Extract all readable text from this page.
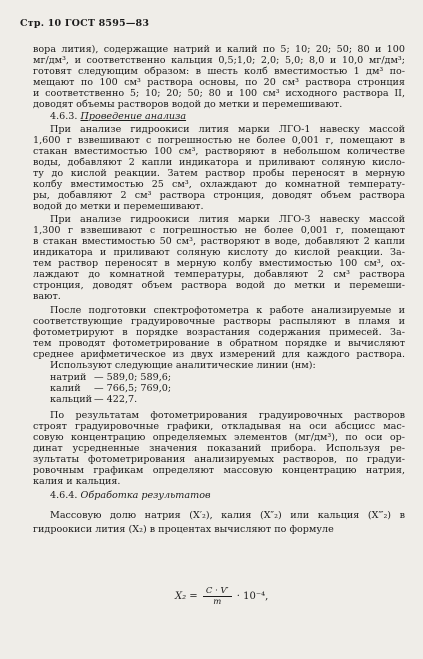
Стр. 10 ГОСТ 8595—83
вора лития), содержащие натрий и калий по 5; 10; 20; 50; 80 и 100
мг/дм³, и соответственно кальция 0,5;1,0; 2,0; 5,0; 8,0 и 10,0 мг/дм³;
готовят следующим образом: в шесть колб вместимостью 1 дм³ по-
мещают по 100 см³ раствора основы, по 20 см³ раствора стронция
и соответственно 5; 10; 20; 50; 80 и 100 см³ исходного раствора II,
доводят объемы растворов водой до метки и перемешивают.
4.6.3. Проведение анализа
При анализе гидроокиси лития марки ЛГО-1 навеску массой
1,600 г взвешивают с погрешностью не более 0,001 г, помещают в
стакан вместимостью 100 см³, растворяют в небольшом количестве
воды, добавляют 2 капли индикатора и приливают соляную кисло-
ту до кислой реакции. Затем раствор пробы переносят в мерную
колбу вместимостью 25 см³, охлаждают до комнатной температу-
ры, добавляют 2 см³ раствора стронция, доводят объем раствора
водой до метки и перемешивают.
При анализе гидроокиси лития марки ЛГО-3 навеску массой
1,300 г взвешивают с погрешностью не более 0,001 г, помещают
в стакан вместимостью 50 см³, растворяют в воде, добавляют 2 капли
индикатора и приливают соляную кислоту до кислой реакции. За-
тем раствор переносят в мерную колбу вместимостью 100 см³, ох-
лаждают до комнатной температуры, добавляют 2 см³ раствора
стронция, доводят объем раствора водой до метки и перемеши-
вают.
После подготовки спектрофотометра к работе анализируемые и
соответствующие градуировочные растворы распыляют в пламя и
фотометрируют в порядке возрастания содержания примесей. За-
тем проводят фотометрирование в обратном порядке и вычисляют
среднее арифметическое из двух измерений для каждого раствора.
Используют следующие аналитические линии (нм):
натрий — 589,0; 589,6;
калий — 766,5; 769,0;
кальций — 422,7.
По результатам фотометрирования градуировочных растворов
строят градуировочные графики, откладывая на оси абсцисс мас-
совую концентрацию определяемых элементов (мг/дм³), по оси ор-
динат усредненные значения показаний прибора. Используя ре-
зультаты фотометрирования анализируемых растворов, по градуи-
ровочным графикам определяют массовую концентрацию натрия,
калия и кальция.
4.6.4. Обработка результатов
Массовую долю натрия (X′₂), калия (X″₂) или кальция (X‴₂) в
гидроокиси лития (X₂) в процентах вычисляют по формуле
$X_2 = \frac{C \cdot V'}{m} \cdot 10^{-4}$,
